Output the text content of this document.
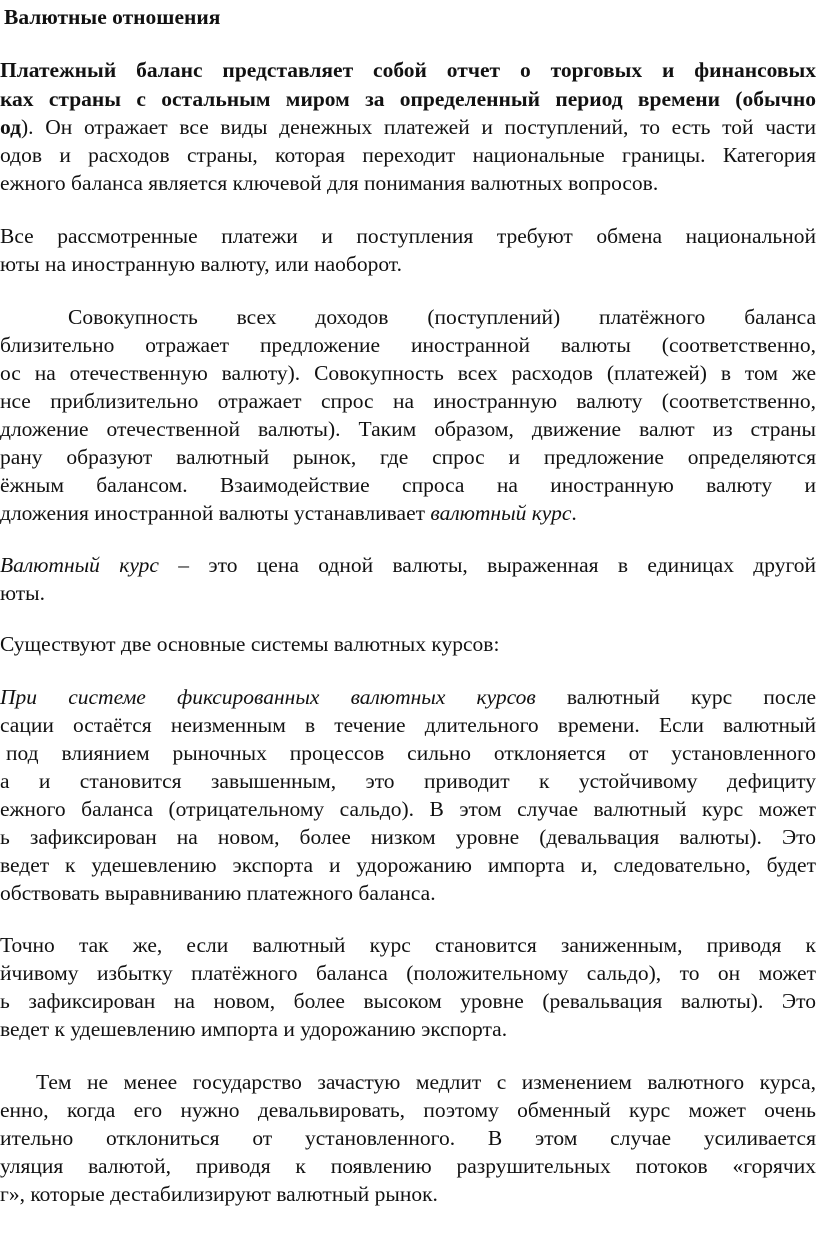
Валютные отношения
Платежный баланс представляет собой отчет о торговых и финансовых
ках страны с остальным миром за определенный период времени (обычно
од). Он отражает все виды денежных платежей и поступлений, то есть той части
одов и расходов страны, которая переходит национальные границы. Категория
ежного баланса является ключевой для понимания валютных вопросов.
Все рассмотренные платежи и поступления требуют обмена национальной
юты на иностранную валюту, или наоборот.
Совокупность всех доходов (поступлений) платёжного баланса
близительно отражает предложение иностранной валюты (соответственно,
ос на отечественную валюту). Совокупность всех расходов (платежей) в том же
нсе приблизительно отражает спрос на иностранную валюту (соответственно,
дложение отечественной валюты). Таким образом, движение валют из страны
рану образуют валютный рынок, где спрос и предложение определяются
ёжным балансом. Взаимодействие спроса на иностранную валюту и
дложения иностранной валюты устанавливает валютный курс.
Валютный курс – это цена одной валюты, выраженная в единицах другой
юты.
Существуют две основные системы валютных курсов:
При системе фиксированных валютных курсов валютный курс после
сации остаётся неизменным в течение длительного времени. Если валютный
под влиянием рыночных процессов сильно отклоняется от установленного
а и становится завышенным, это приводит к устойчивому дефициту
ежного баланса (отрицательному сальдо). В этом случае валютный курс может
ь зафиксирован на новом, более низком уровне (девальвация валюты). Это
ведет к удешевлению экспорта и удорожанию импорта и, следовательно, будет
обствовать выравниванию платежного баланса.
Точно так же, если валютный курс становится заниженным, приводя к
йчивому избытку платёжного баланса (положительному сальдо), то он может
ь зафиксирован на новом, более высоком уровне (ревальвация валюты). Это
ведет к удешевлению импорта и удорожанию экспорта.
Тем не менее государство зачастую медлит с изменением валютного курса,
енно, когда его нужно девальвировать, поэтому обменный курс может очень
ительно отклониться от установленного. В этом случае усиливается
уляция валютой, приводя к появлению разрушительных потоков «горячих
г», которые дестабилизируют валютный рынок.
